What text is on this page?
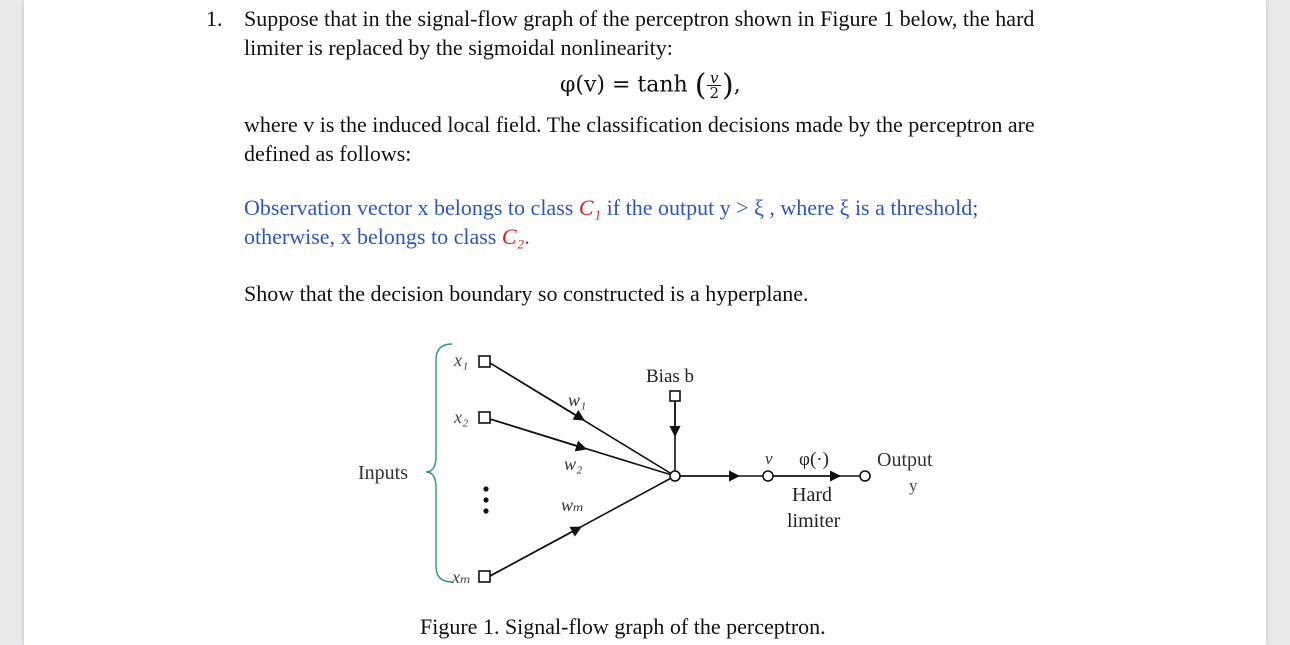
1. Suppose that in the signal-flow graph of the perceptron shown in Figure 1 below, the hard
limiter is replaced by the sigmoidal nonlinearity:
φ(v) = tanh ( $\frac{v}{2}$ ),
where v is the induced local field. The classification decisions made by the perceptron are
defined as follows:
Observation vector x belongs to class C₁ if the output y > ξ , where ξ is a threshold;
otherwise, x belongs to class C₂.
Show that the decision boundary so constructed is a hyperplane.
Inputs
x₁
x₂
xₘ
w₁
w₂
wₘ
Bias b
v φ(·)
Hard
limiter
Output
y
Figure 1. Signal-flow graph of the perceptron.
